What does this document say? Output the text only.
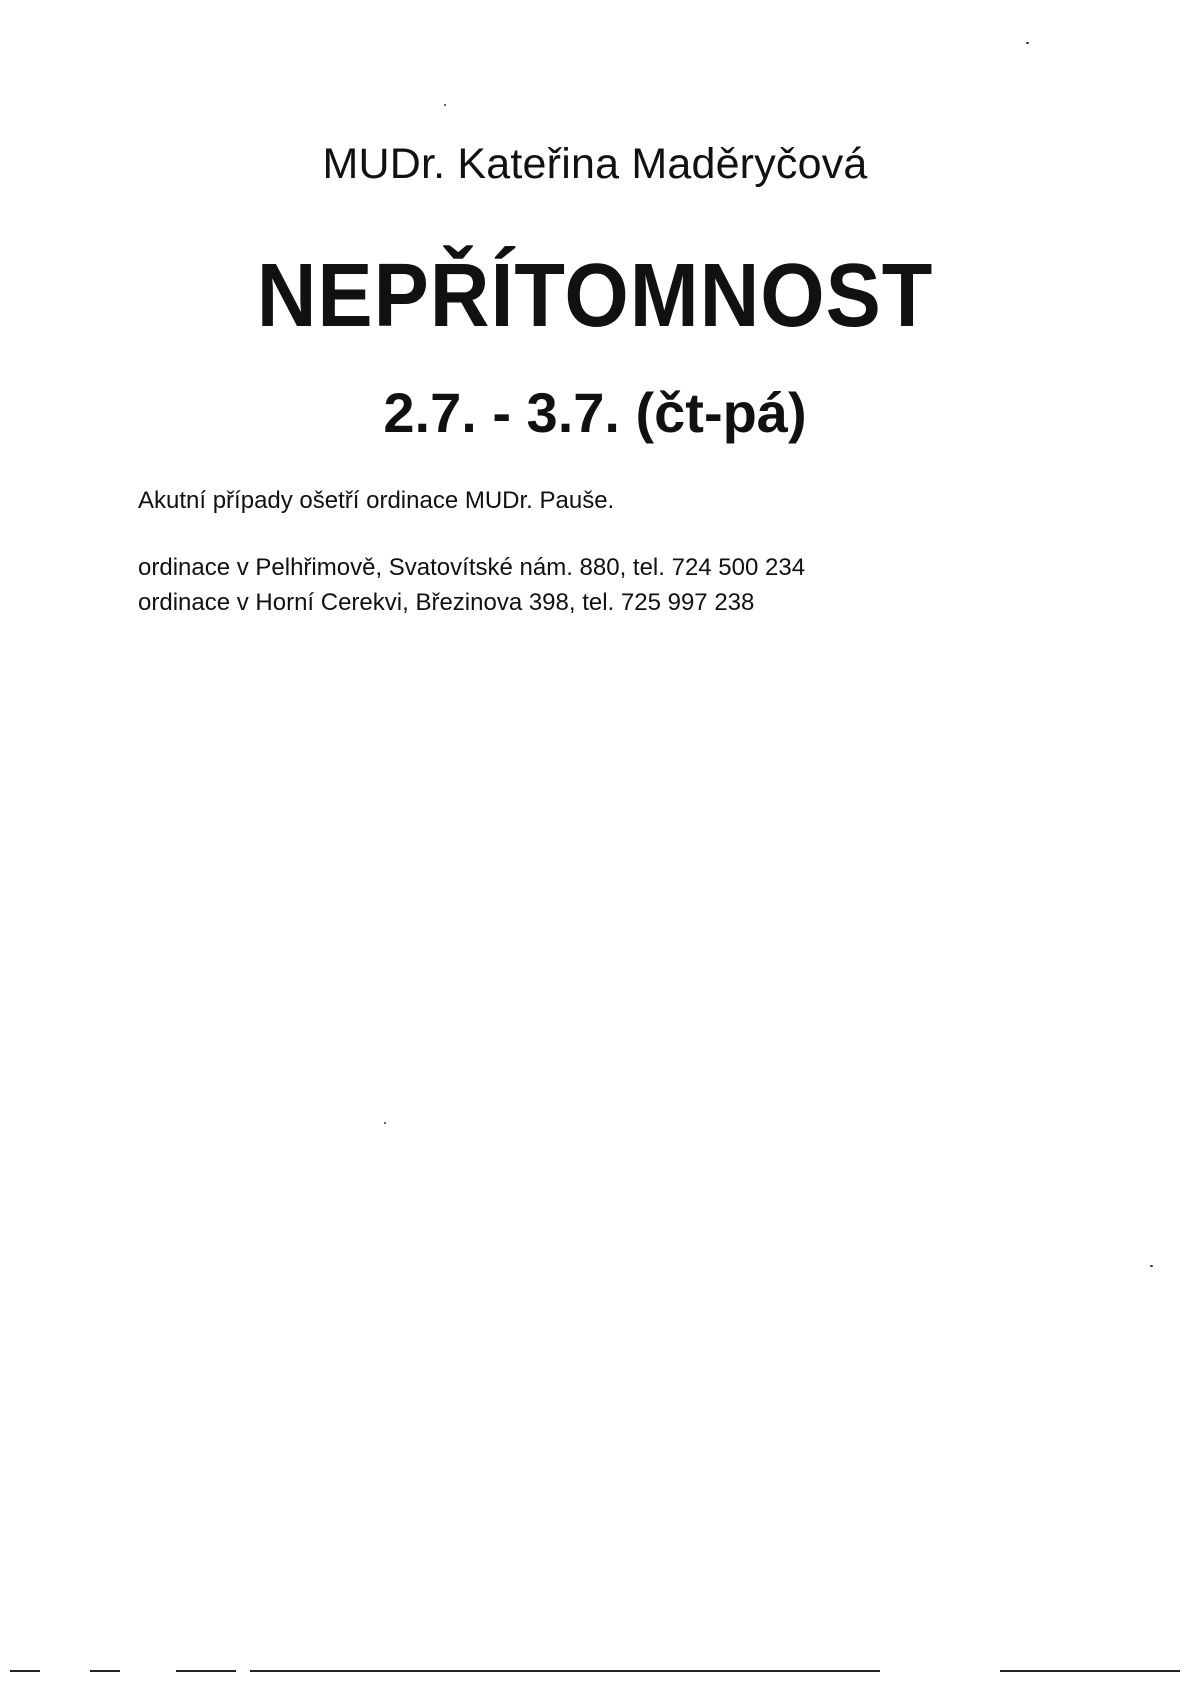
MUDr. Kateřina Maděryčová
NEPŘÍTOMNOST
2.7. - 3.7. (čt-pá)

Akutní případy ošetří ordinace MUDr. Pauše.

ordinace v Pelhřimově, Svatovítské nám. 880, tel. 724 500 234

ordinace v Horní Cerekvi, Březinova 398, tel. 725 997 238
